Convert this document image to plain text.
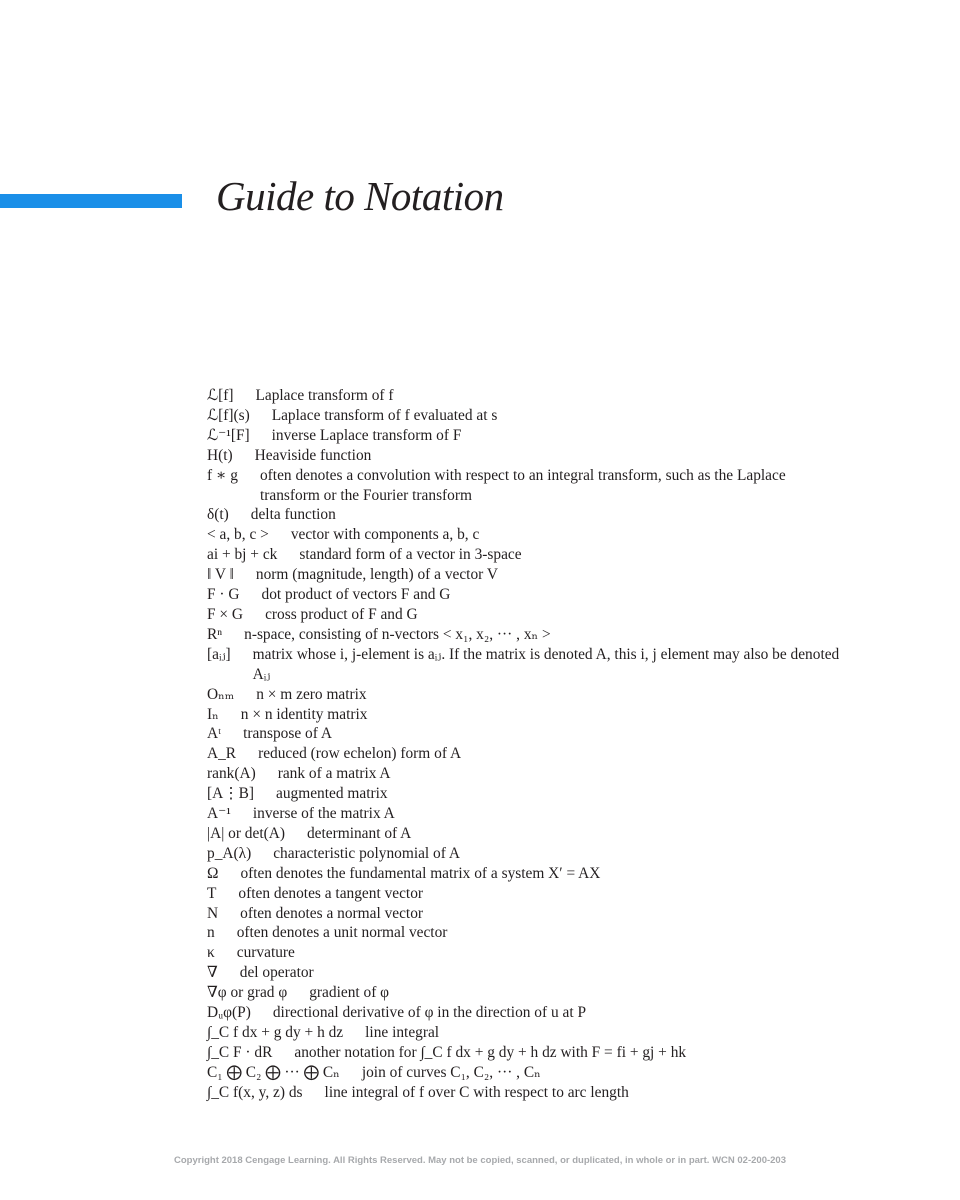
Guide to Notation
ℒ[f] Laplace transform of f
ℒ[f](s) Laplace transform of f evaluated at s
ℒ⁻¹[F] inverse Laplace transform of F
H(t) Heaviside function
f ∗ g often denotes a convolution with respect to an integral transform, such as the Laplace transform or the Fourier transform
δ(t) delta function
< a, b, c > vector with components a, b, c
ai + bj + ck standard form of a vector in 3-space
‖ V ‖ norm (magnitude, length) of a vector V
F · G dot product of vectors F and G
F × G cross product of F and G
Rⁿ n-space, consisting of n-vectors < x₁, x₂, ··· , xₙ >
[aᵢⱼ] matrix whose i, j-element is aᵢⱼ. If the matrix is denoted A, this i, j element may also be denoted Aᵢⱼ
Oₙₘ n × m zero matrix
Iₙ n × n identity matrix
Aᵗ transpose of A
A_R reduced (row echelon) form of A
rank(A) rank of a matrix A
[A⋮B] augmented matrix
A⁻¹ inverse of the matrix A
|A| or det(A) determinant of A
p_A(λ) characteristic polynomial of A
Ω often denotes the fundamental matrix of a system X′ = AX
T often denotes a tangent vector
N often denotes a normal vector
n often denotes a unit normal vector
κ curvature
∇ del operator
∇φ or grad φ gradient of φ
Dᵤφ(P) directional derivative of φ in the direction of u at P
∫_C f dx + g dy + h dz line integral
∫_C F · dR another notation for ∫_C f dx + g dy + h dz with F = fi + gj + hk
C₁ ⨁ C₂ ⨁ ··· ⨁ Cₙ join of curves C₁, C₂, ··· , Cₙ
∫_C f(x, y, z) ds line integral of f over C with respect to arc length
Copyright 2018 Cengage Learning. All Rights Reserved. May not be copied, scanned, or duplicated, in whole or in part. WCN 02-200-203
